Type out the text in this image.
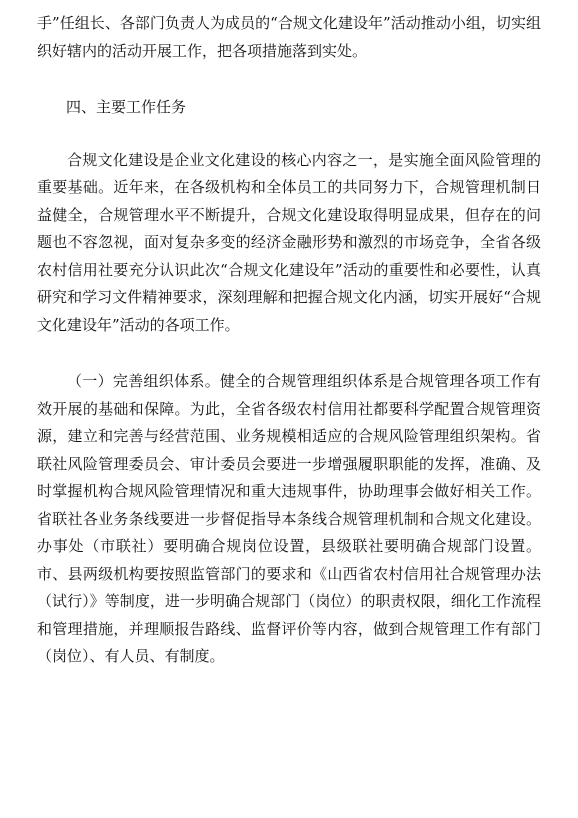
手”任组长、各部门负责人为成员的“合规文化建设年”活动推动小组，切实组织好辖内的活动开展工作，把各项措施落到实处。

四、主要工作任务

合规文化建设是企业文化建设的核心内容之一，是实施全面风险管理的重要基础。近年来，在各级机构和全体员工的共同努力下，合规管理机制日益健全，合规管理水平不断提升，合规文化建设取得明显成果，但存在的问题也不容忽视，面对复杂多变的经济金融形势和激烈的市场竞争，全省各级农村信用社要充分认识此次“合规文化建设年”活动的重要性和必要性，认真研究和学习文件精神要求，深刻理解和把握合规文化内涵，切实开展好“合规文化建设年”活动的各项工作。

（一）完善组织体系。健全的合规管理组织体系是合规管理各项工作有效开展的基础和保障。为此，全省各级农村信用社都要科学配置合规管理资源，建立和完善与经营范围、业务规模相适应的合规风险管理组织架构。省联社风险管理委员会、审计委员会要进一步增强履职职能的发挥，准确、及时掌握机构合规风险管理情况和重大违规事件，协助理事会做好相关工作。省联社各业务条线要进一步督促指导本条线合规管理机制和合规文化建设。办事处（市联社）要明确合规岗位设置，县级联社要明确合规部门设置。市、县两级机构要按照监管部门的要求和《山西省农村信用社合规管理办法（试行）》等制度，进一步明确合规部门（岗位）的职责权限，细化工作流程和管理措施，并理顺报告路线、监督评价等内容，做到合规管理工作有部门（岗位）、有人员、有制度。
